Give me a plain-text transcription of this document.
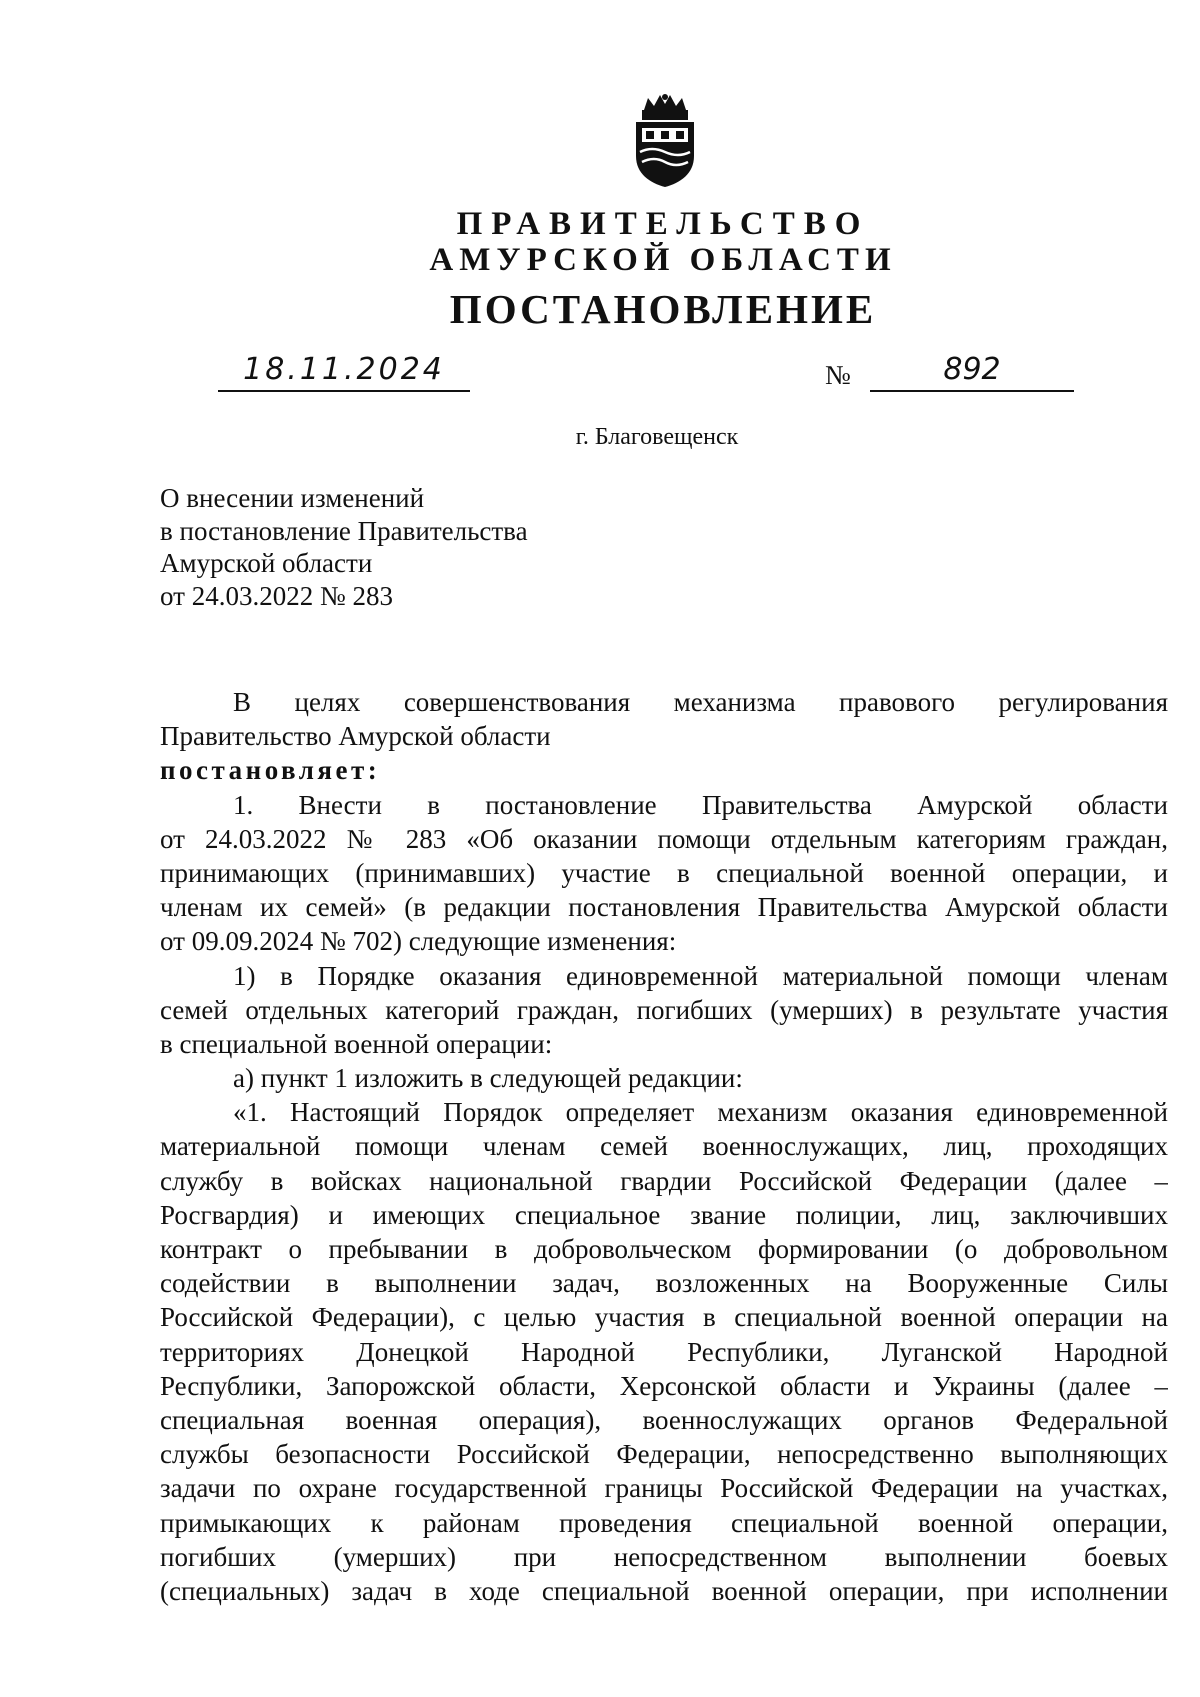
ПРАВИТЕЛЬСТВО
АМУРСКОЙ ОБЛАСТИ
ПОСТАНОВЛЕНИЕ
18.11.2024	№	892
г. Благовещенск
О внесении изменений
в постановление Правительства
Амурской области
от 24.03.2022 № 283
В целях совершенствования механизма правового регулирования
Правительство Амурской области
постановляет:
1. Внести в постановление Правительства Амурской области
от 24.03.2022 № 283 «Об оказании помощи отдельным категориям граждан,
принимающих (принимавших) участие в специальной военной операции, и
членам их семей» (в редакции постановления Правительства Амурской области
от 09.09.2024 № 702) следующие изменения:
1) в Порядке оказания единовременной материальной помощи членам
семей отдельных категорий граждан, погибших (умерших) в результате участия
в специальной военной операции:
а) пункт 1 изложить в следующей редакции:
«1. Настоящий Порядок определяет механизм оказания единовременной
материальной помощи членам семей военнослужащих, лиц, проходящих
службу в войсках национальной гвардии Российской Федерации (далее –
Росгвардия) и имеющих специальное звание полиции, лиц, заключивших
контракт о пребывании в добровольческом формировании (о добровольном
содействии в выполнении задач, возложенных на Вооруженные Силы
Российской Федерации), с целью участия в специальной военной операции на
территориях Донецкой Народной Республики, Луганской Народной
Республики, Запорожской области, Херсонской области и Украины (далее –
специальная военная операция), военнослужащих органов Федеральной
службы безопасности Российской Федерации, непосредственно выполняющих
задачи по охране государственной границы Российской Федерации на участках,
примыкающих к районам проведения специальной военной операции,
погибших (умерших) при непосредственном выполнении боевых
(специальных) задач в ходе специальной военной операции, при исполнении
